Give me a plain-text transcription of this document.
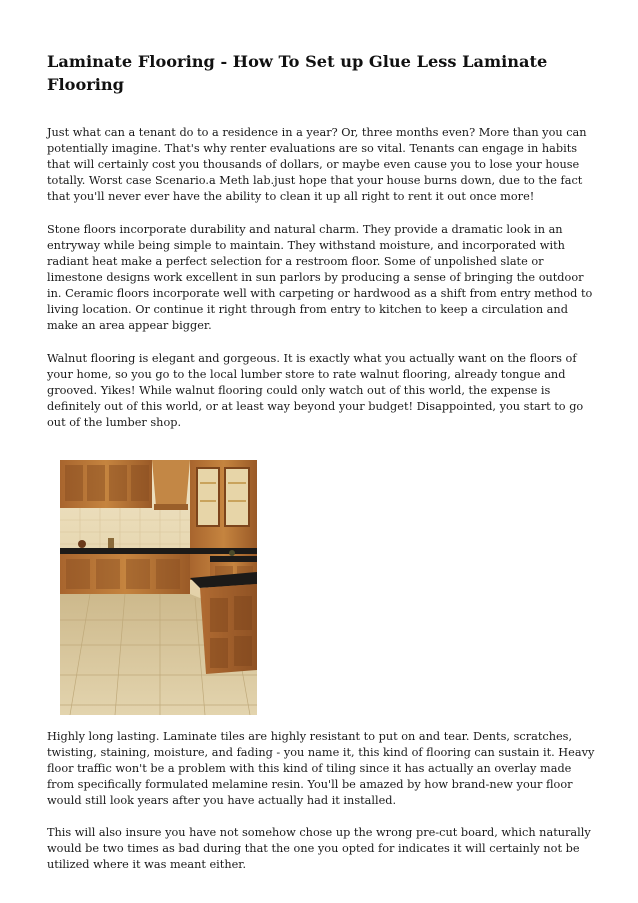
Laminate Flooring - How To Set up Glue Less Laminate Flooring

Just what can a tenant do to a residence in a year? Or, three months even? More than you can potentially imagine. That's why renter evaluations are so vital. Tenants can engage in habits that will certainly cost you thousands of dollars, or maybe even cause you to lose your house totally. Worst case Scenario.a Meth lab.just hope that your house burns down, due to the fact that you'll never ever have the ability to clean it up all right to rent it out once more!

Stone floors incorporate durability and natural charm. They provide a dramatic look in an entryway while being simple to maintain. They withstand moisture, and incorporated with radiant heat make a perfect selection for a restroom floor. Some of unpolished slate or limestone designs work excellent in sun parlors by producing a sense of bringing the outdoor in. Ceramic floors incorporate well with carpeting or hardwood as a shift from entry method to living location. Or continue it right through from entry to kitchen to keep a circulation and make an area appear bigger.

Walnut flooring is elegant and gorgeous. It is exactly what you actually want on the floors of your home, so you go to the local lumber store to rate walnut flooring, already tongue and grooved. Yikes! While walnut flooring could only watch out of this world, the expense is definitely out of this world, or at least way beyond your budget! Disappointed, you start to go out of the lumber shop.

Highly long lasting. Laminate tiles are highly resistant to put on and tear. Dents, scratches, twisting, staining, moisture, and fading - you name it, this kind of flooring can sustain it. Heavy floor traffic won't be a problem with this kind of tiling since it has actually an overlay made from specifically formulated melamine resin. You'll be amazed by how brand-new your floor would still look years after you have actually had it installed.

This will also insure you have not somehow chose up the wrong pre-cut board, which naturally would be two times as bad during that the one you opted for indicates it will certainly not be utilized where it was meant either.
